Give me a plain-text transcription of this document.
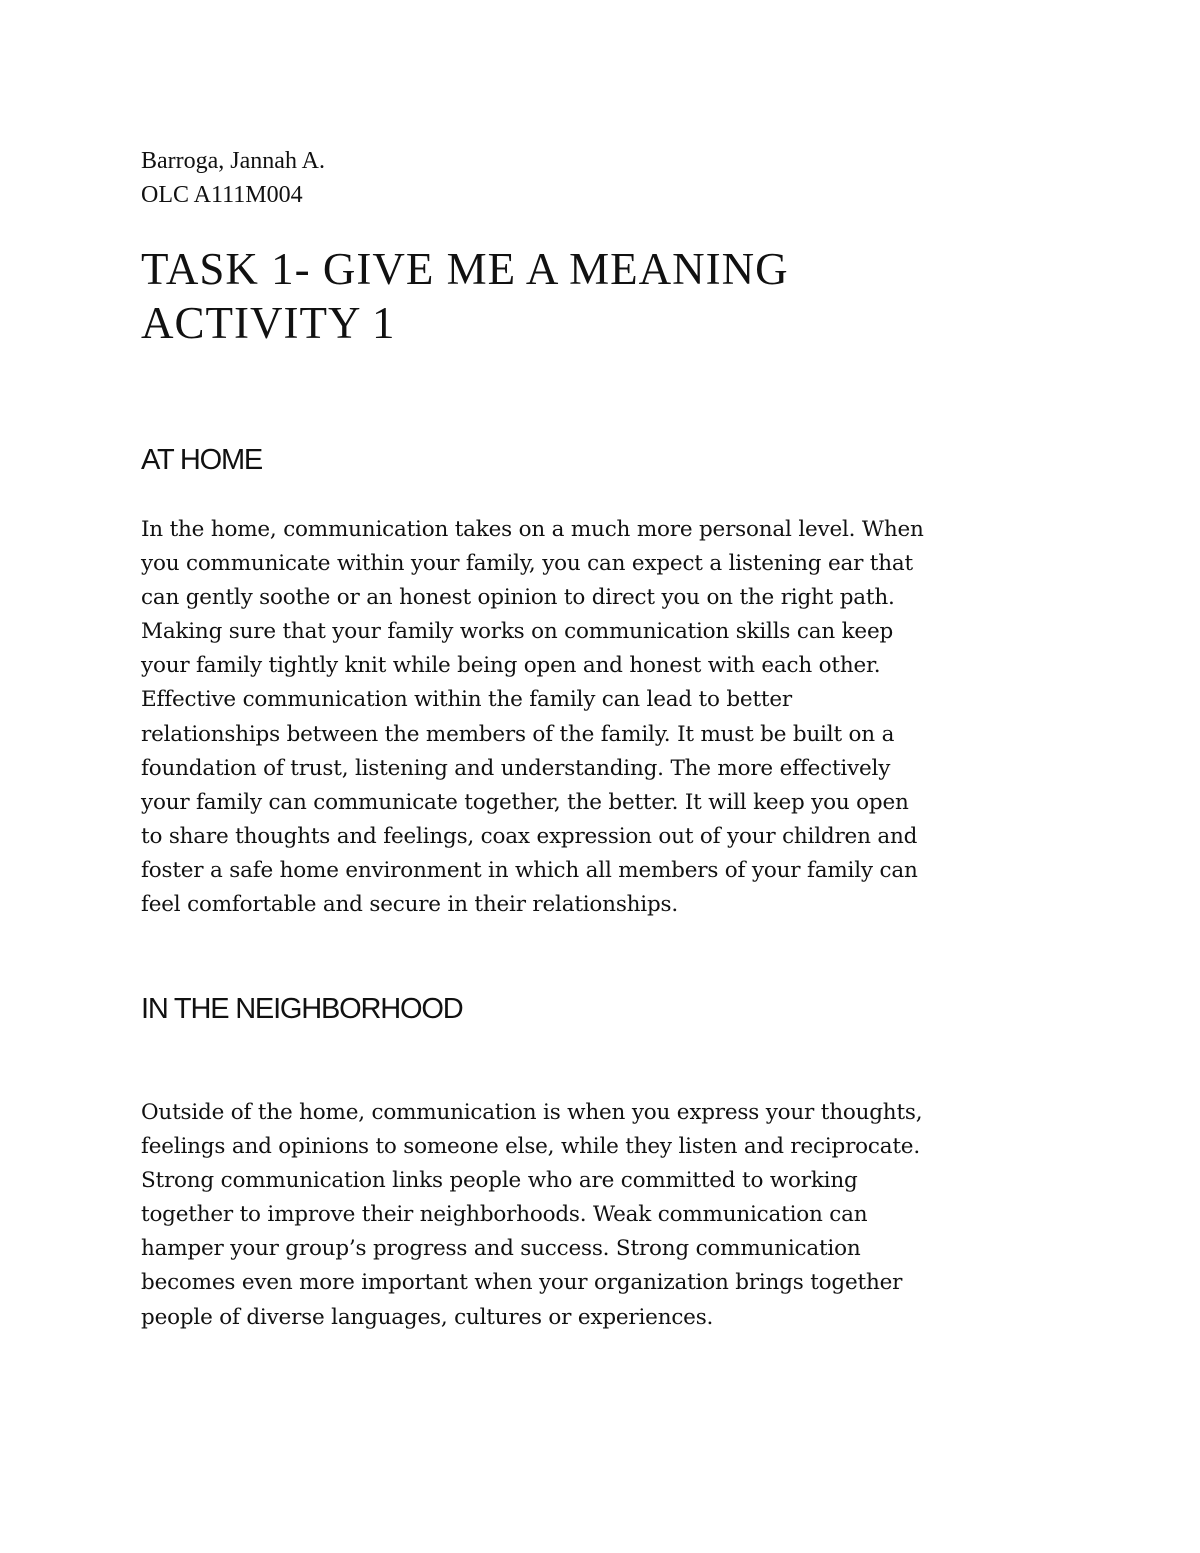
Barroga, Jannah A.
OLC A111M004
TASK 1- GIVE ME A MEANING
ACTIVITY 1
AT HOME

In the home, communication takes on a much more personal level. When
you communicate within your family, you can expect a listening ear that
can gently soothe or an honest opinion to direct you on the right path.
Making sure that your family works on communication skills can keep
your family tightly knit while being open and honest with each other.
Effective communication within the family can lead to better
relationships between the members of the family. It must be built on a
foundation of trust, listening and understanding. The more effectively
your family can communicate together, the better. It will keep you open
to share thoughts and feelings, coax expression out of your children and
foster a safe home environment in which all members of your family can
feel comfortable and secure in their relationships.

IN THE NEIGHBORHOOD

Outside of the home, communication is when you express your thoughts,
feelings and opinions to someone else, while they listen and reciprocate.
Strong communication links people who are committed to working
together to improve their neighborhoods. Weak communication can
hamper your group’s progress and success. Strong communication
becomes even more important when your organization brings together
people of diverse languages, cultures or experiences.
